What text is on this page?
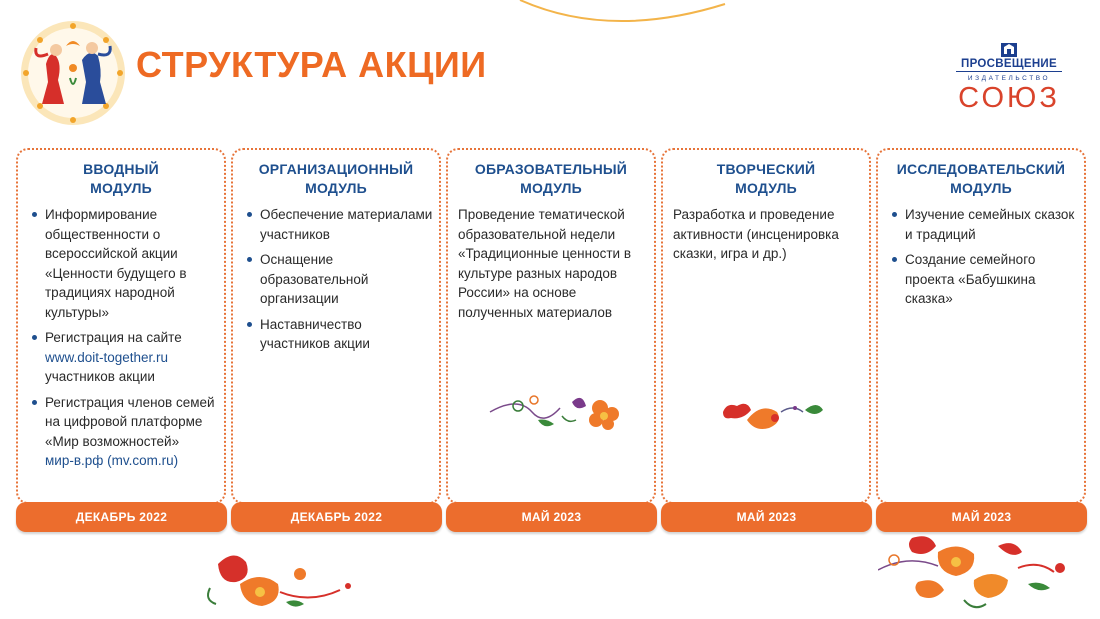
СТРУКТУРА АКЦИИ	ПРОСВЕЩЕНИЕ
ИЗДАТЕЛЬСТВО
СОЮЗ
ВВОДНЫЙ МОДУЛЬ
Информирование общественности о всероссийской акции «Ценности будущего в традициях народной культуры»
Регистрация на сайте
www.doit-together.ru
участников акции
Регистрация членов семей на цифровой платформе «Мир возможностей»
мир-в.рф (mv.com.ru)
ОРГАНИЗАЦИОННЫЙ МОДУЛЬ
Обеспечение материалами участников
Оснащение образовательной организации
Наставничество участников акции
ОБРАЗОВАТЕЛЬНЫЙ МОДУЛЬ
Проведение тематической образовательной недели «Традиционные ценности в культуре разных народов России» на основе полученных материалов
ТВОРЧЕСКИЙ МОДУЛЬ
Разработка и проведение активности (инсценировка сказки, игра и др.)
ИССЛЕДОВАТЕЛЬСКИЙ МОДУЛЬ
Изучение семейных сказок и традиций
Создание семейного проекта «Бабушкина сказка»
ДЕКАБРЬ 2022	ДЕКАБРЬ 2022	МАЙ 2023	МАЙ 2023	МАЙ 2023
